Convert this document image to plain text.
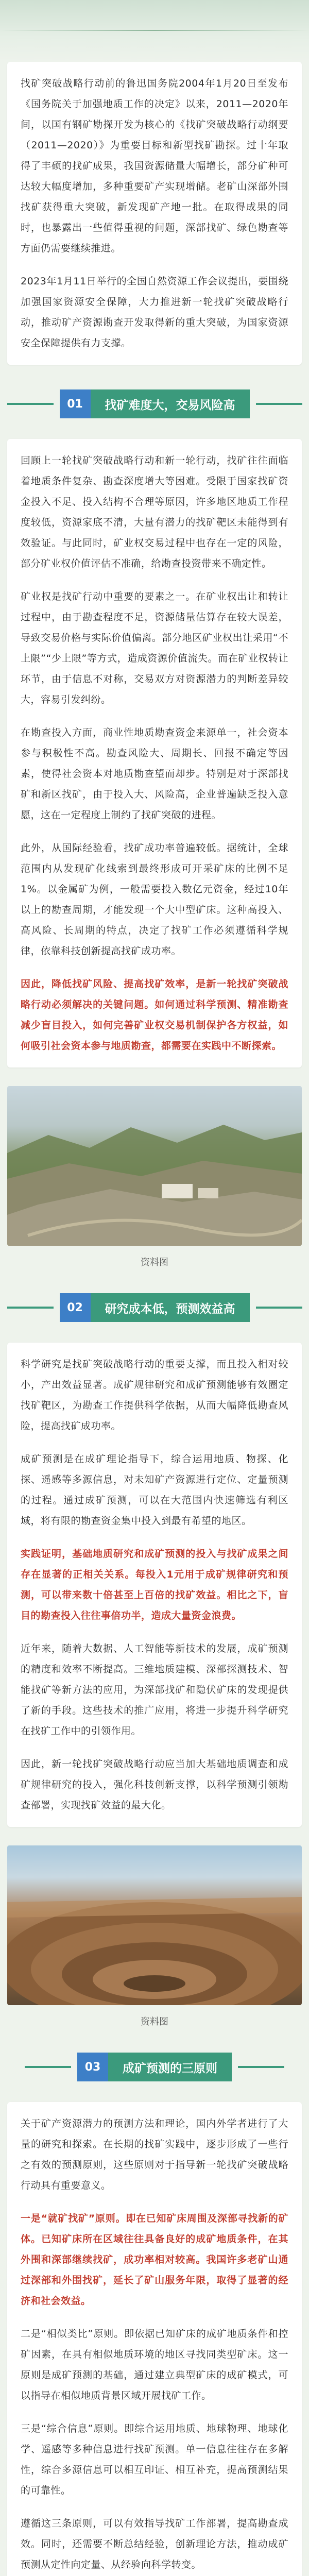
找矿突破战略行动前的鲁迅国务院2004年1月20日至发布《国务院关于加强地质工作的决定》以来，2011—2020年间，以国有钢矿勘探开发为核心的《找矿突破战略行动纲要（2011—2020）》为重要目标和新型找矿勘探。过十年取得了丰硕的找矿成果，我国资源储量大幅增长，部分矿种可达较大幅度增加，多种重要矿产实现增储。老矿山深部外围找矿获得重大突破，新发现矿产地一批。在取得成果的同时，也暴露出一些值得重视的问题，深部找矿、绿色勘查等方面仍需要继续推进。

2023年1月11日举行的全国自然资源工作会议提出，要围绕加强国家资源安全保障，大力推进新一轮找矿突破战略行动，推动矿产资源勘查开发取得新的重大突破，为国家资源安全保障提供有力支撑。

01	找矿难度大，交易风险高

回顾上一轮找矿突破战略行动和新一轮行动，找矿往往面临着地质条件复杂、勘查深度增大等困难。受限于国家找矿资金投入不足、投入结构不合理等原因，许多地区地质工作程度较低，资源家底不清，大量有潜力的找矿靶区未能得到有效验证。与此同时，矿业权交易过程中也存在一定的风险，部分矿业权价值评估不准确，给勘查投资带来不确定性。

矿业权是找矿行动中重要的要素之一。在矿业权出让和转让过程中，由于勘查程度不足，资源储量估算存在较大误差，导致交易价格与实际价值偏离。部分地区矿业权出让采用“不上限”“少上限”等方式，造成资源价值流失。而在矿业权转让环节，由于信息不对称，交易双方对资源潜力的判断差异较大，容易引发纠纷。

在勘查投入方面，商业性地质勘查资金来源单一，社会资本参与积极性不高。勘查风险大、周期长、回报不确定等因素，使得社会资本对地质勘查望而却步。特别是对于深部找矿和新区找矿，由于投入大、风险高，企业普遍缺乏投入意愿，这在一定程度上制约了找矿突破的进程。

此外，从国际经验看，找矿成功率普遍较低。据统计，全球范围内从发现矿化线索到最终形成可开采矿床的比例不足1%。以金属矿为例，一般需要投入数亿元资金，经过10年以上的勘查周期，才能发现一个大中型矿床。这种高投入、高风险、长周期的特点，决定了找矿工作必须遵循科学规律，依靠科技创新提高找矿成功率。

因此，降低找矿风险、提高找矿效率，是新一轮找矿突破战略行动必须解决的关键问题。如何通过科学预测、精准勘查减少盲目投入，如何完善矿业权交易机制保护各方权益，如何吸引社会资本参与地质勘查，都需要在实践中不断探索。

资料图
02	研究成本低，预测效益高

科学研究是找矿突破战略行动的重要支撑，而且投入相对较小，产出效益显著。成矿规律研究和成矿预测能够有效圈定找矿靶区，为勘查工作提供科学依据，从而大幅降低勘查风险，提高找矿成功率。

成矿预测是在成矿理论指导下，综合运用地质、物探、化探、遥感等多源信息，对未知矿产资源进行定位、定量预测的过程。通过成矿预测，可以在大范围内快速筛选有利区域，将有限的勘查资金集中投入到最有希望的地区。

实践证明，基础地质研究和成矿预测的投入与找矿成果之间存在显著的正相关关系。每投入1元用于成矿规律研究和预测，可以带来数十倍甚至上百倍的找矿效益。相比之下，盲目的勘查投入往往事倍功半，造成大量资金浪费。

近年来，随着大数据、人工智能等新技术的发展，成矿预测的精度和效率不断提高。三维地质建模、深部探测技术、智能找矿等新方法的应用，为深部找矿和隐伏矿床的发现提供了新的手段。这些技术的推广应用，将进一步提升科学研究在找矿工作中的引领作用。

因此，新一轮找矿突破战略行动应当加大基础地质调查和成矿规律研究的投入，强化科技创新支撑，以科学预测引领勘查部署，实现找矿效益的最大化。

资料图
03	成矿预测的三原则

关于矿产资源潜力的预测方法和理论，国内外学者进行了大量的研究和探索。在长期的找矿实践中，逐步形成了一些行之有效的预测原则，这些原则对于指导新一轮找矿突破战略行动具有重要意义。

一是“就矿找矿”原则。即在已知矿床周围及深部寻找新的矿体。已知矿床所在区域往往具备良好的成矿地质条件，在其外围和深部继续找矿，成功率相对较高。我国许多老矿山通过深部和外围找矿，延长了矿山服务年限，取得了显著的经济和社会效益。

二是“相似类比”原则。即依据已知矿床的成矿地质条件和控矿因素，在具有相似地质环境的地区寻找同类型矿床。这一原则是成矿预测的基础，通过建立典型矿床的成矿模式，可以指导在相似地质背景区域开展找矿工作。

三是“综合信息”原则。即综合运用地质、地球物理、地球化学、遥感等多种信息进行找矿预测。单一信息往往存在多解性，综合多源信息可以相互印证、相互补充，提高预测结果的可靠性。

遵循这三条原则，可以有效指导找矿工作部署，提高勘查成效。同时，还需要不断总结经验，创新理论方法，推动成矿预测从定性向定量、从经验向科学转变。
